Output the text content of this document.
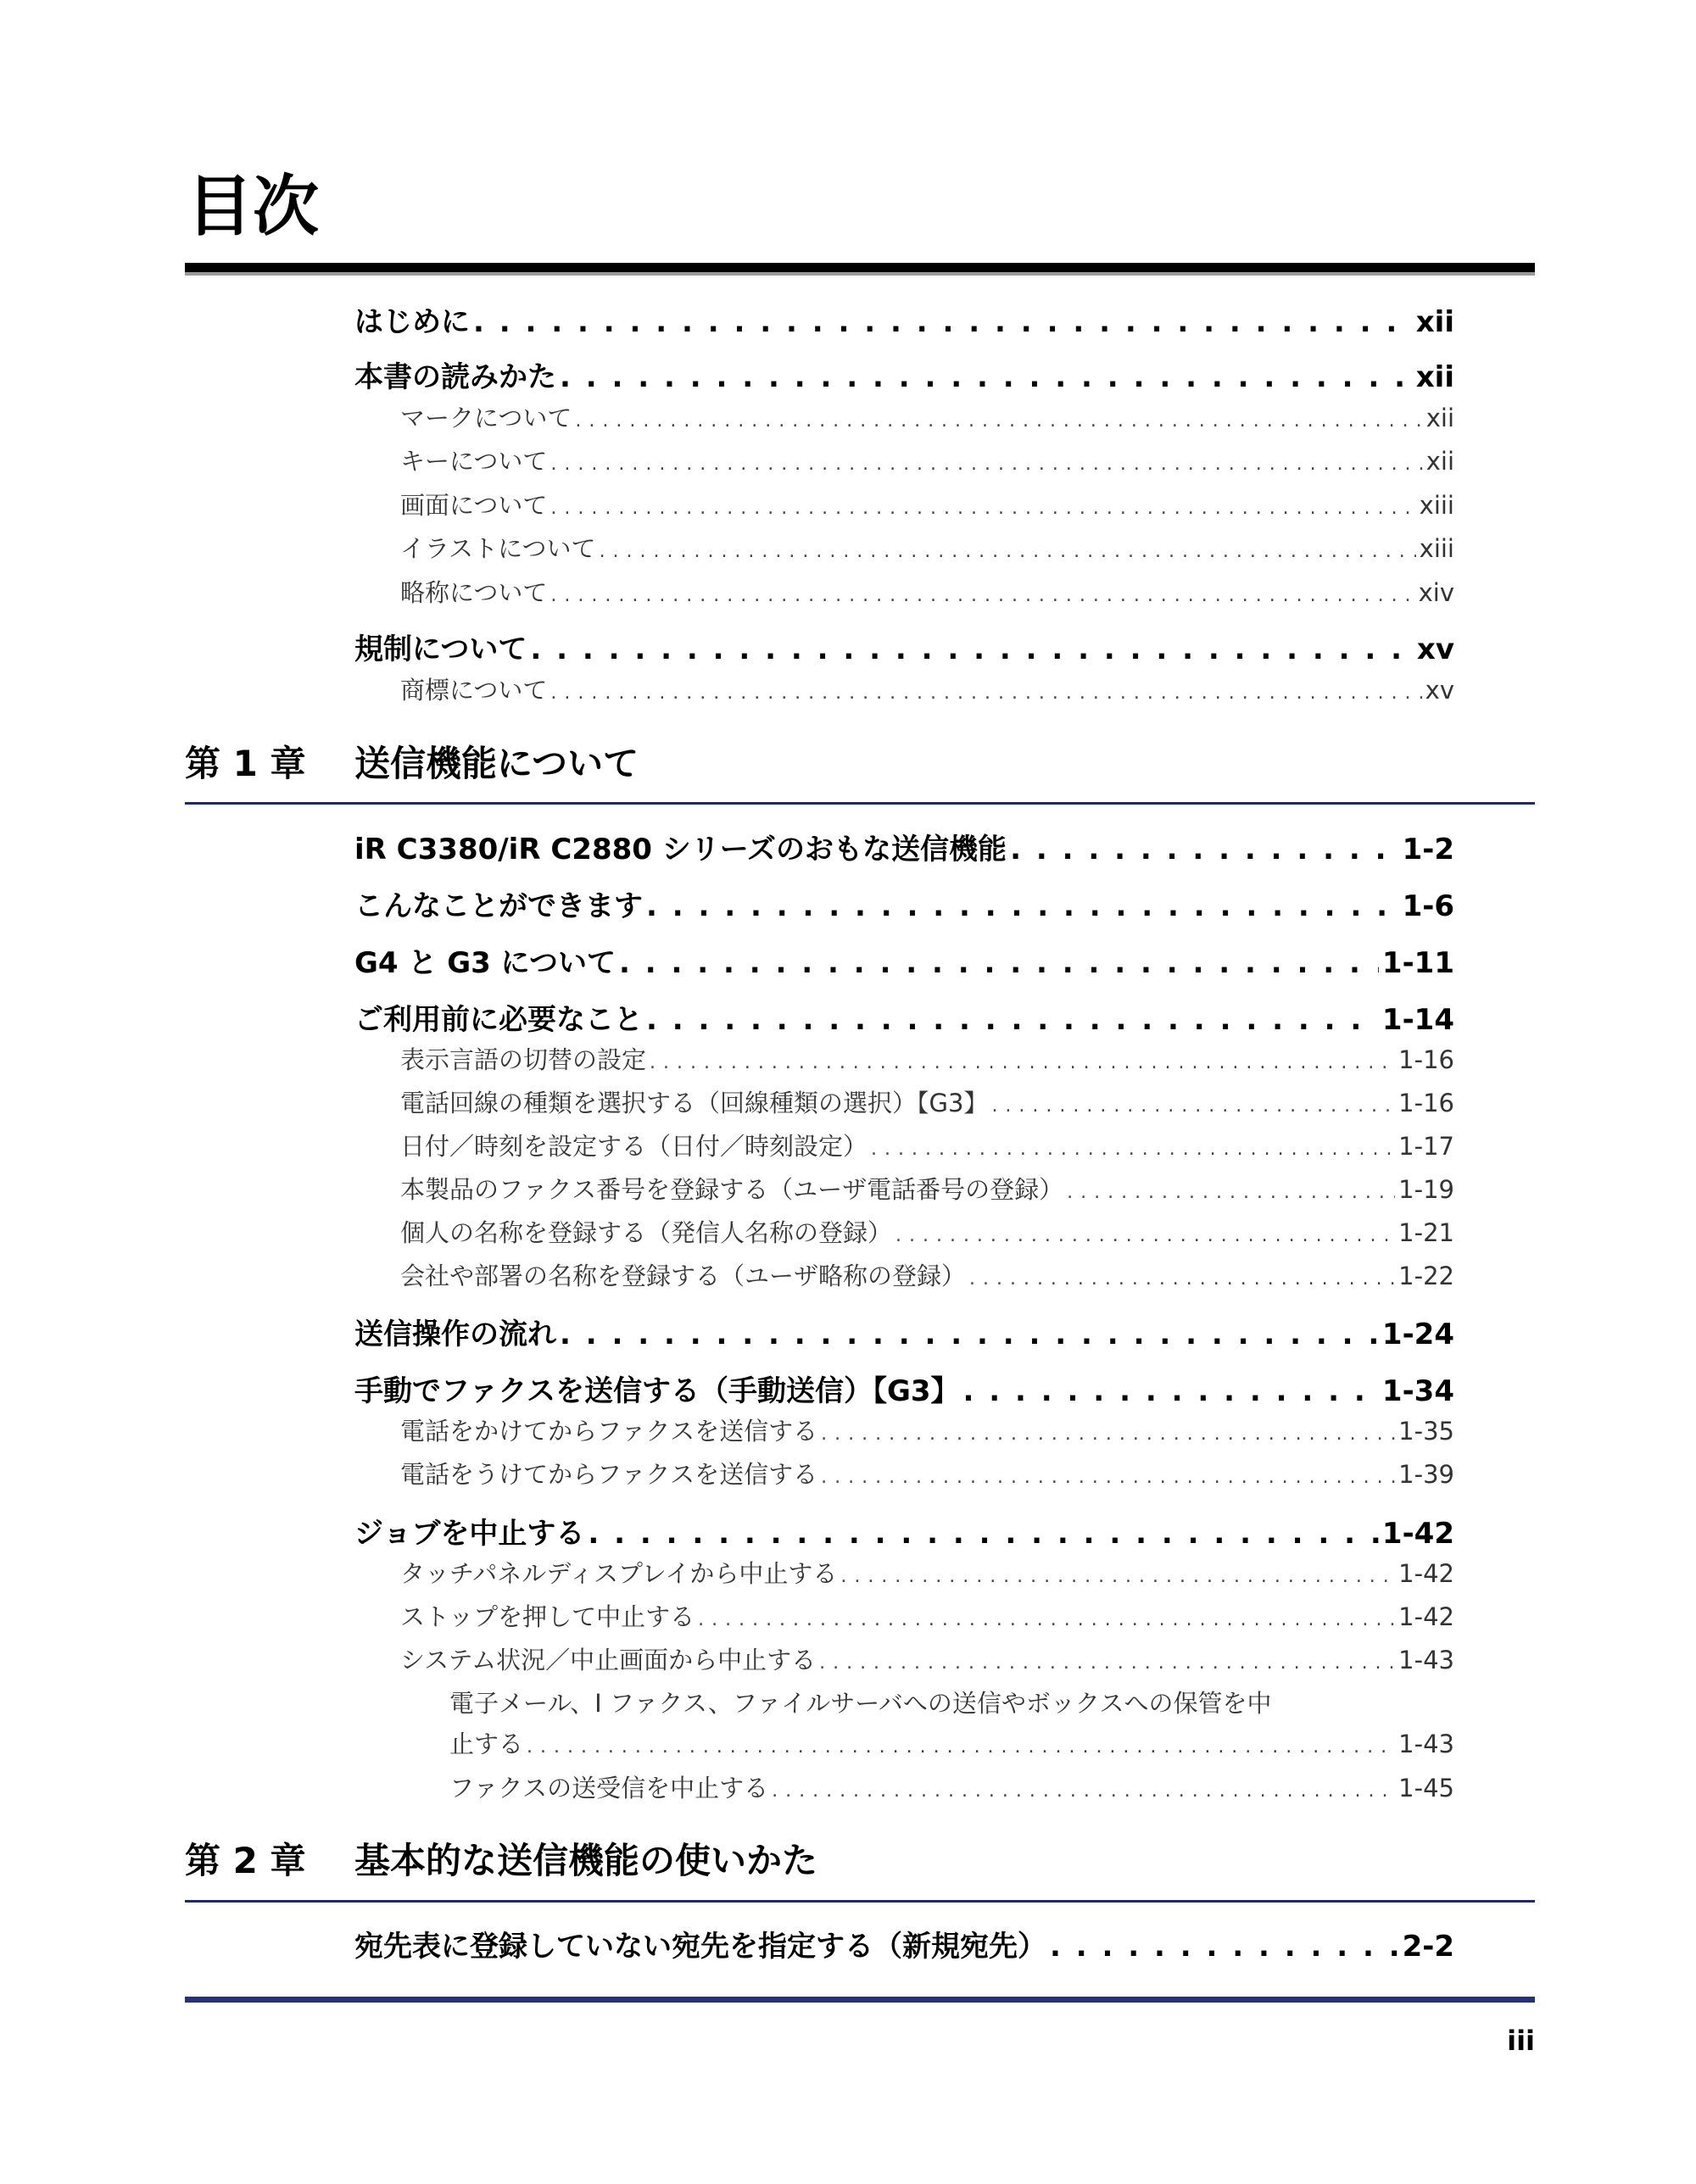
目次
はじめに . . .	xii
本書の読みかた . . .	xii
マークについて . . .	xii
キーについて . . .	xii
画面について . . .	xiii
イラストについて . . .	xiii
略称について . . .	xiv
規制について . . .	xv
商標について . . .	xv
第 1 章 送信機能について
iR C3380/iR C2880 シリーズのおもな送信機能 . . .	1-2
こんなことができます . . .	1-6
G4 と G3 について . . .	1-11
ご利用前に必要なこと . . .	1-14
表示言語の切替の設定 . . .	1-16
電話回線の種類を選択する（回線種類の選択）【G3】 . . .	1-16
日付／時刻を設定する（日付／時刻設定） . . .	1-17
本製品のファクス番号を登録する（ユーザ電話番号の登録） . . .	1-19
個人の名称を登録する（発信人名称の登録） . . .	1-21
会社や部署の名称を登録する（ユーザ略称の登録） . . .	1-22
送信操作の流れ . . .	1-24
手動でファクスを送信する（手動送信）【G3】 . . .	1-34
電話をかけてからファクスを送信する . . .	1-35
電話をうけてからファクスを送信する . . .	1-39
ジョブを中止する . . .	1-42
タッチパネルディスプレイから中止する . . .	1-42
ストップを押して中止する . . .	1-42
システム状況／中止画面から中止する . . .	1-43
電子メール、I ファクス、ファイルサーバへの送信やボックスへの保管を中
止する . . .	1-43
ファクスの送受信を中止する . . .	1-45
第 2 章 基本的な送信機能の使いかた
宛先表に登録していない宛先を指定する（新規宛先） . . .	2-2
iii
